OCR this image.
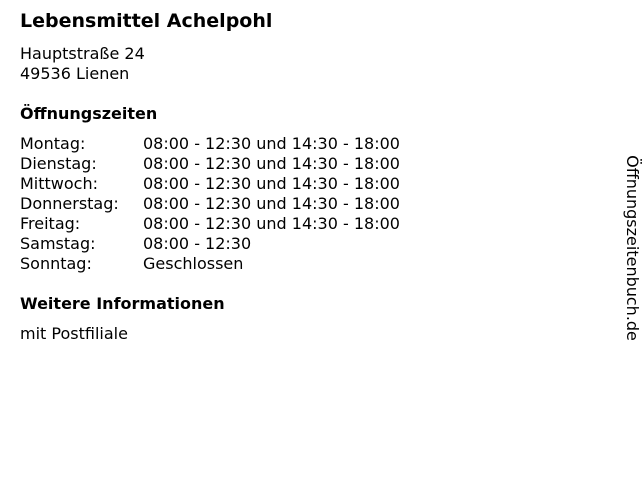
Lebensmittel Achelpohl
Hauptstraße 24
49536 Lienen
Öffnungszeiten
Montag:	08:00 - 12:30 und 14:30 - 18:00
Dienstag:	08:00 - 12:30 und 14:30 - 18:00
Mittwoch:	08:00 - 12:30 und 14:30 - 18:00
Donnerstag:	08:00 - 12:30 und 14:30 - 18:00
Freitag:	08:00 - 12:30 und 14:30 - 18:00
Samstag:	08:00 - 12:30
Sonntag:	Geschlossen
Weitere Informationen
mit Postfiliale	Öffnungszeitenbuch.de
